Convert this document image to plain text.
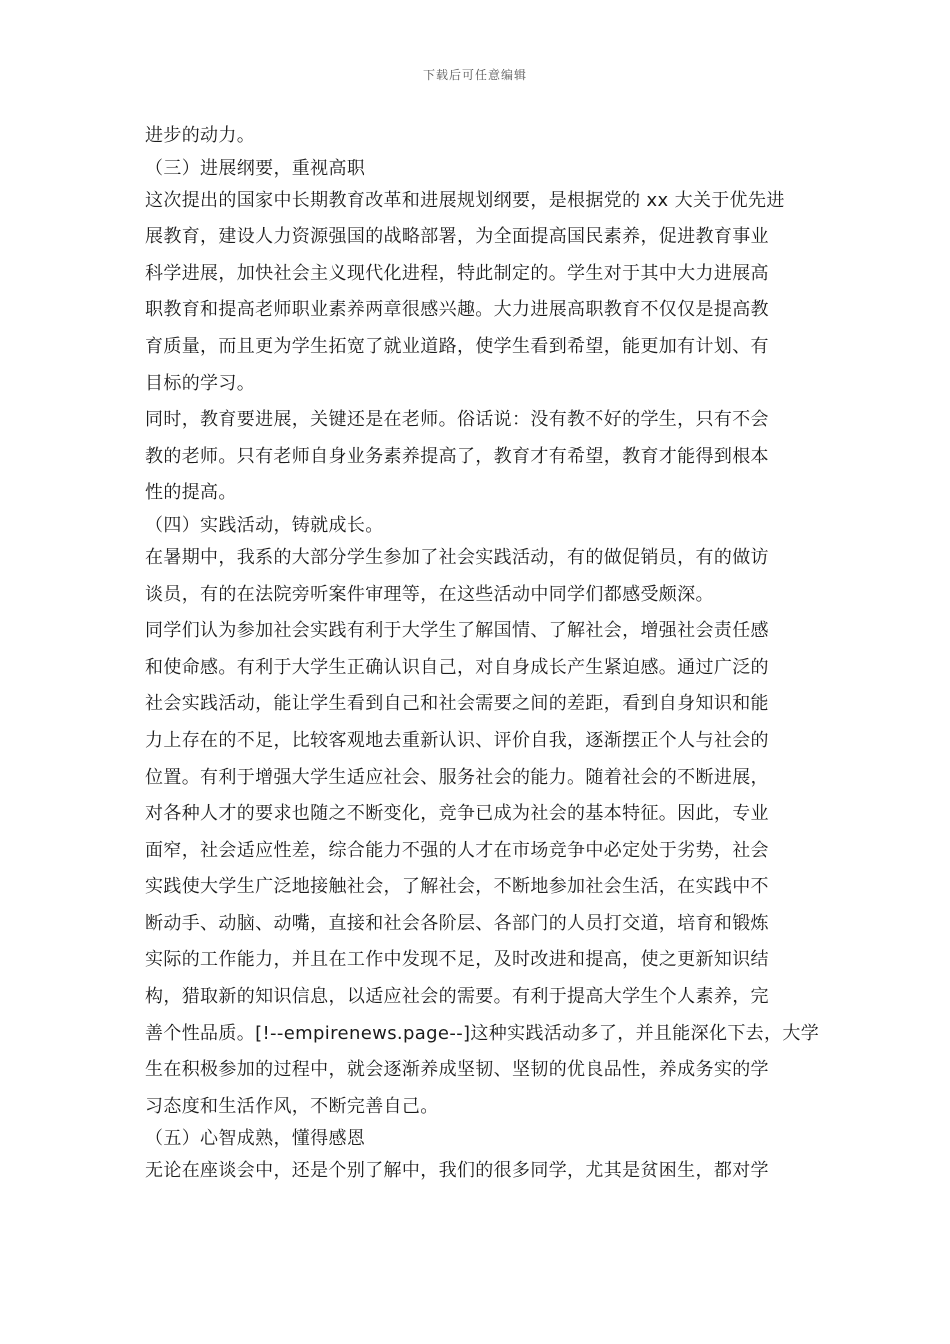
下载后可任意编辑
进步的动力。
（三）进展纲要，重视高职
这次提出的国家中长期教育改革和进展规划纲要，是根据党的 xx 大关于优先进
展教育，建设人力资源强国的战略部署，为全面提高国民素养，促进教育事业
科学进展，加快社会主义现代化进程，特此制定的。学生对于其中大力进展高
职教育和提高老师职业素养两章很感兴趣。大力进展高职教育不仅仅是提高教
育质量，而且更为学生拓宽了就业道路，使学生看到希望，能更加有计划、有
目标的学习。
同时，教育要进展，关键还是在老师。俗话说：没有教不好的学生，只有不会
教的老师。只有老师自身业务素养提高了，教育才有希望，教育才能得到根本
性的提高。
（四）实践活动，铸就成长。
在暑期中，我系的大部分学生参加了社会实践活动，有的做促销员，有的做访
谈员，有的在法院旁听案件审理等，在这些活动中同学们都感受颇深。
同学们认为参加社会实践有利于大学生了解国情、了解社会，增强社会责任感
和使命感。有利于大学生正确认识自己，对自身成长产生紧迫感。通过广泛的
社会实践活动，能让学生看到自己和社会需要之间的差距，看到自身知识和能
力上存在的不足，比较客观地去重新认识、评价自我，逐渐摆正个人与社会的
位置。有利于增强大学生适应社会、服务社会的能力。随着社会的不断进展，
对各种人才的要求也随之不断变化，竞争已成为社会的基本特征。因此，专业
面窄，社会适应性差，综合能力不强的人才在市场竞争中必定处于劣势，社会
实践使大学生广泛地接触社会，了解社会，不断地参加社会生活，在实践中不
断动手、动脑、动嘴，直接和社会各阶层、各部门的人员打交道，培育和锻炼
实际的工作能力，并且在工作中发现不足，及时改进和提高，使之更新知识结
构，猎取新的知识信息，以适应社会的需要。有利于提高大学生个人素养，完
善个性品质。[!--empirenews.page--]这种实践活动多了，并且能深化下去，大学
生在积极参加的过程中，就会逐渐养成坚韧、坚韧的优良品性，养成务实的学
习态度和生活作风，不断完善自己。
（五）心智成熟，懂得感恩
无论在座谈会中，还是个别了解中，我们的很多同学，尤其是贫困生，都对学
